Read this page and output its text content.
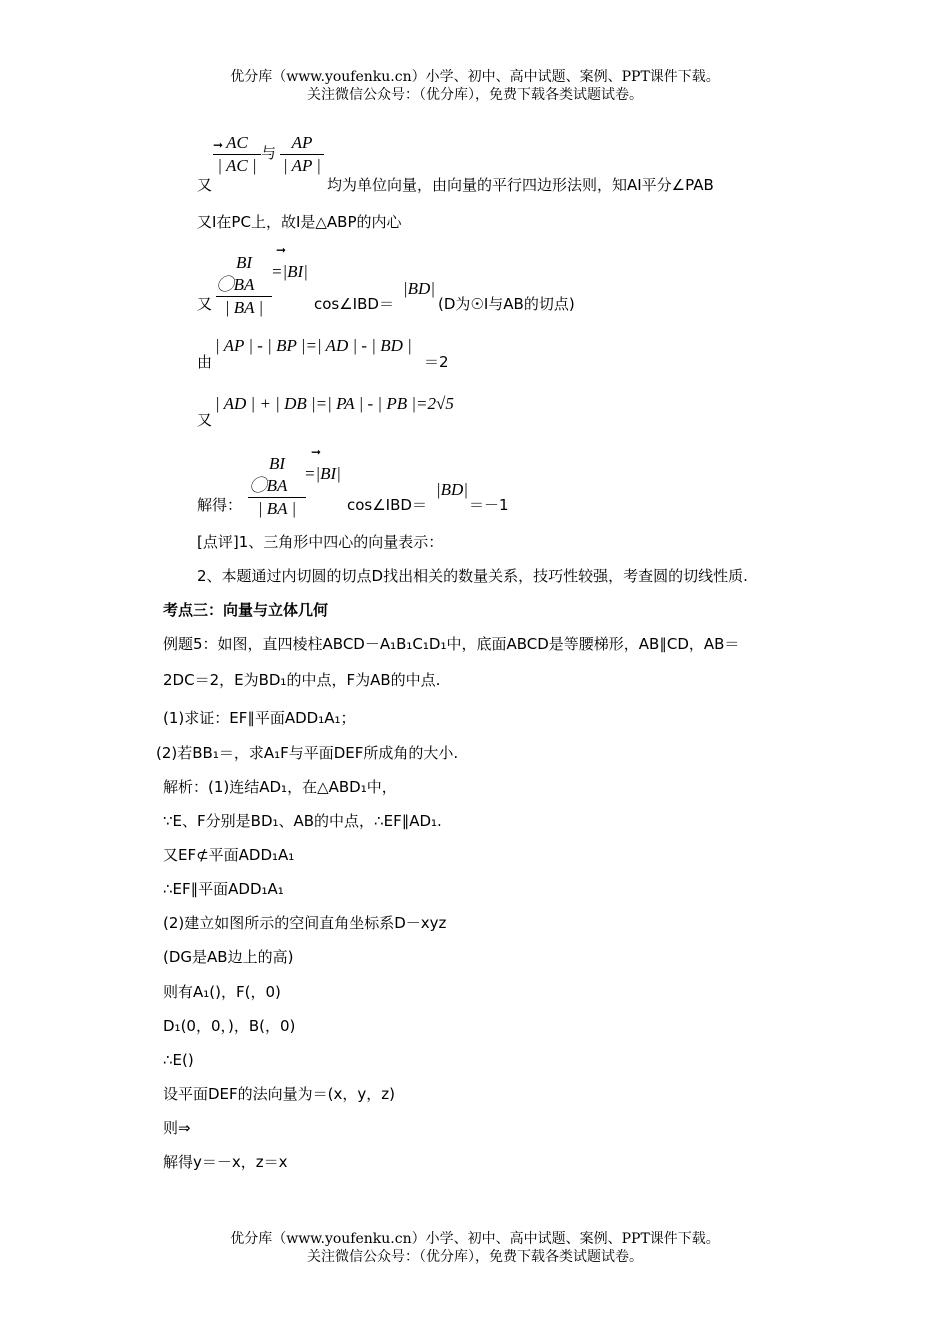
优分库（www.youfenku.cn）小学、初中、高中试题、案例、PPT课件下载。
关注微信公众号：（优分库），免费下载各类试题试卷。
➞
$\frac{AC}{| AC |}$ 与 $\frac{AP}{| AP |}$
又	均为单位向量，由向量的平行四边形法则，知AI平分∠PAB
又I在PC上，故I是△ABP的内心
➞
$\frac{BI ⃝BA}{| BA |} =|BI|$
又	cos∠IBD＝
|BD|
(D为☉I与AB的切点)
| AP | - | BP |=| AD | - | BD |
由	＝2
| AD | + | DB |=| PA | - | PB |=2√5
又
➞
$\frac{BI ⃝BA}{| BA |}$
=|BI|
解得：	cos∠IBD＝
|BD|
＝－1
[点评]1、三角形中四心的向量表示：
2、本题通过内切圆的切点D找出相关的数量关系，技巧性较强，考查圆的切线性质.
考点三：向量与立体几何
例题5：如图，直四棱柱ABCD－A₁B₁C₁D₁中，底面ABCD是等腰梯形，AB∥CD，AB＝
2DC＝2，E为BD₁的中点，F为AB的中点.
(1)求证：EF∥平面ADD₁A₁；
(2)若BB₁＝，求A₁F与平面DEF所成角的大小.
解析：(1)连结AD₁，在△ABD₁中，
∵E、F分别是BD₁、AB的中点，∴EF∥AD₁.
又EF⊄平面ADD₁A₁
∴EF∥平面ADD₁A₁
(2)建立如图所示的空间直角坐标系D－xyz
(DG是AB边上的高)
则有A₁()，F(，0)
D₁(0，0，)，B(，0)
∴E()
设平面DEF的法向量为＝(x，y，z)
则⇒
解得y＝－x，z＝x
优分库（www.youfenku.cn）小学、初中、高中试题、案例、PPT课件下载。
关注微信公众号：（优分库），免费下载各类试题试卷。
